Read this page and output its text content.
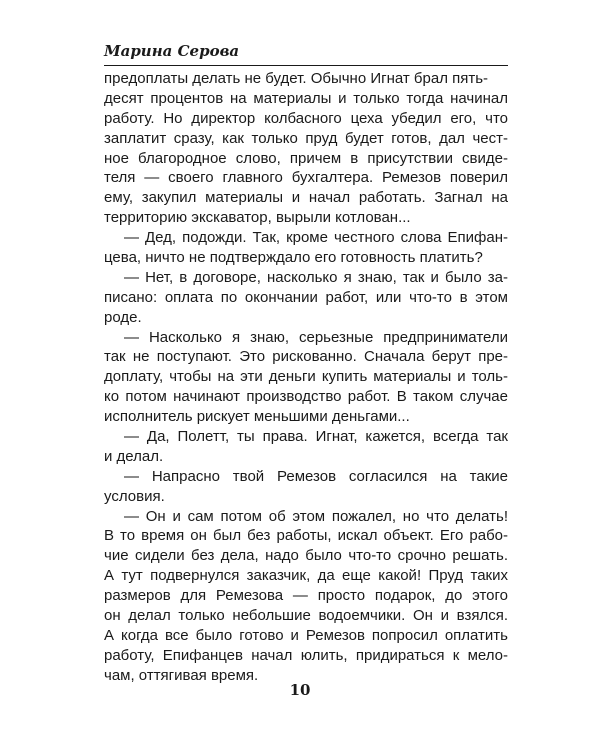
Марина Серова
предоплаты делать не будет. Обычно Игнат брал пять-
десят процентов на материалы и только тогда начинал
работу. Но директор колбасного цеха убедил его, что
заплатит сразу, как только пруд будет готов, дал чест-
ное благородное слово, причем в присутствии свиде-
теля — своего главного бухгалтера. Ремезов поверил
ему, закупил материалы и начал работать. Загнал на
территорию экскаватор, вырыли котлован...
— Дед, подожди. Так, кроме честного слова Епифан-
цева, ничто не подтверждало его готовность платить?
— Нет, в договоре, насколько я знаю, так и было за-
писано: оплата по окончании работ, или что-то в этом
роде.
— Насколько я знаю, серьезные предприниматели
так не поступают. Это рискованно. Сначала берут пре-
доплату, чтобы на эти деньги купить материалы и толь-
ко потом начинают производство работ. В таком случае
исполнитель рискует меньшими деньгами...
— Да, Полетт, ты права. Игнат, кажется, всегда так
и делал.
— Напрасно твой Ремезов согласился на такие
условия.
— Он и сам потом об этом пожалел, но что делать!
В то время он был без работы, искал объект. Его рабо-
чие сидели без дела, надо было что-то срочно решать.
А тут подвернулся заказчик, да еще какой! Пруд таких
размеров для Ремезова — просто подарок, до этого
он делал только небольшие водоемчики. Он и взялся.
А когда все было готово и Ремезов попросил оплатить
работу, Епифанцев начал юлить, придираться к мело-
чам, оттягивая время.
10
